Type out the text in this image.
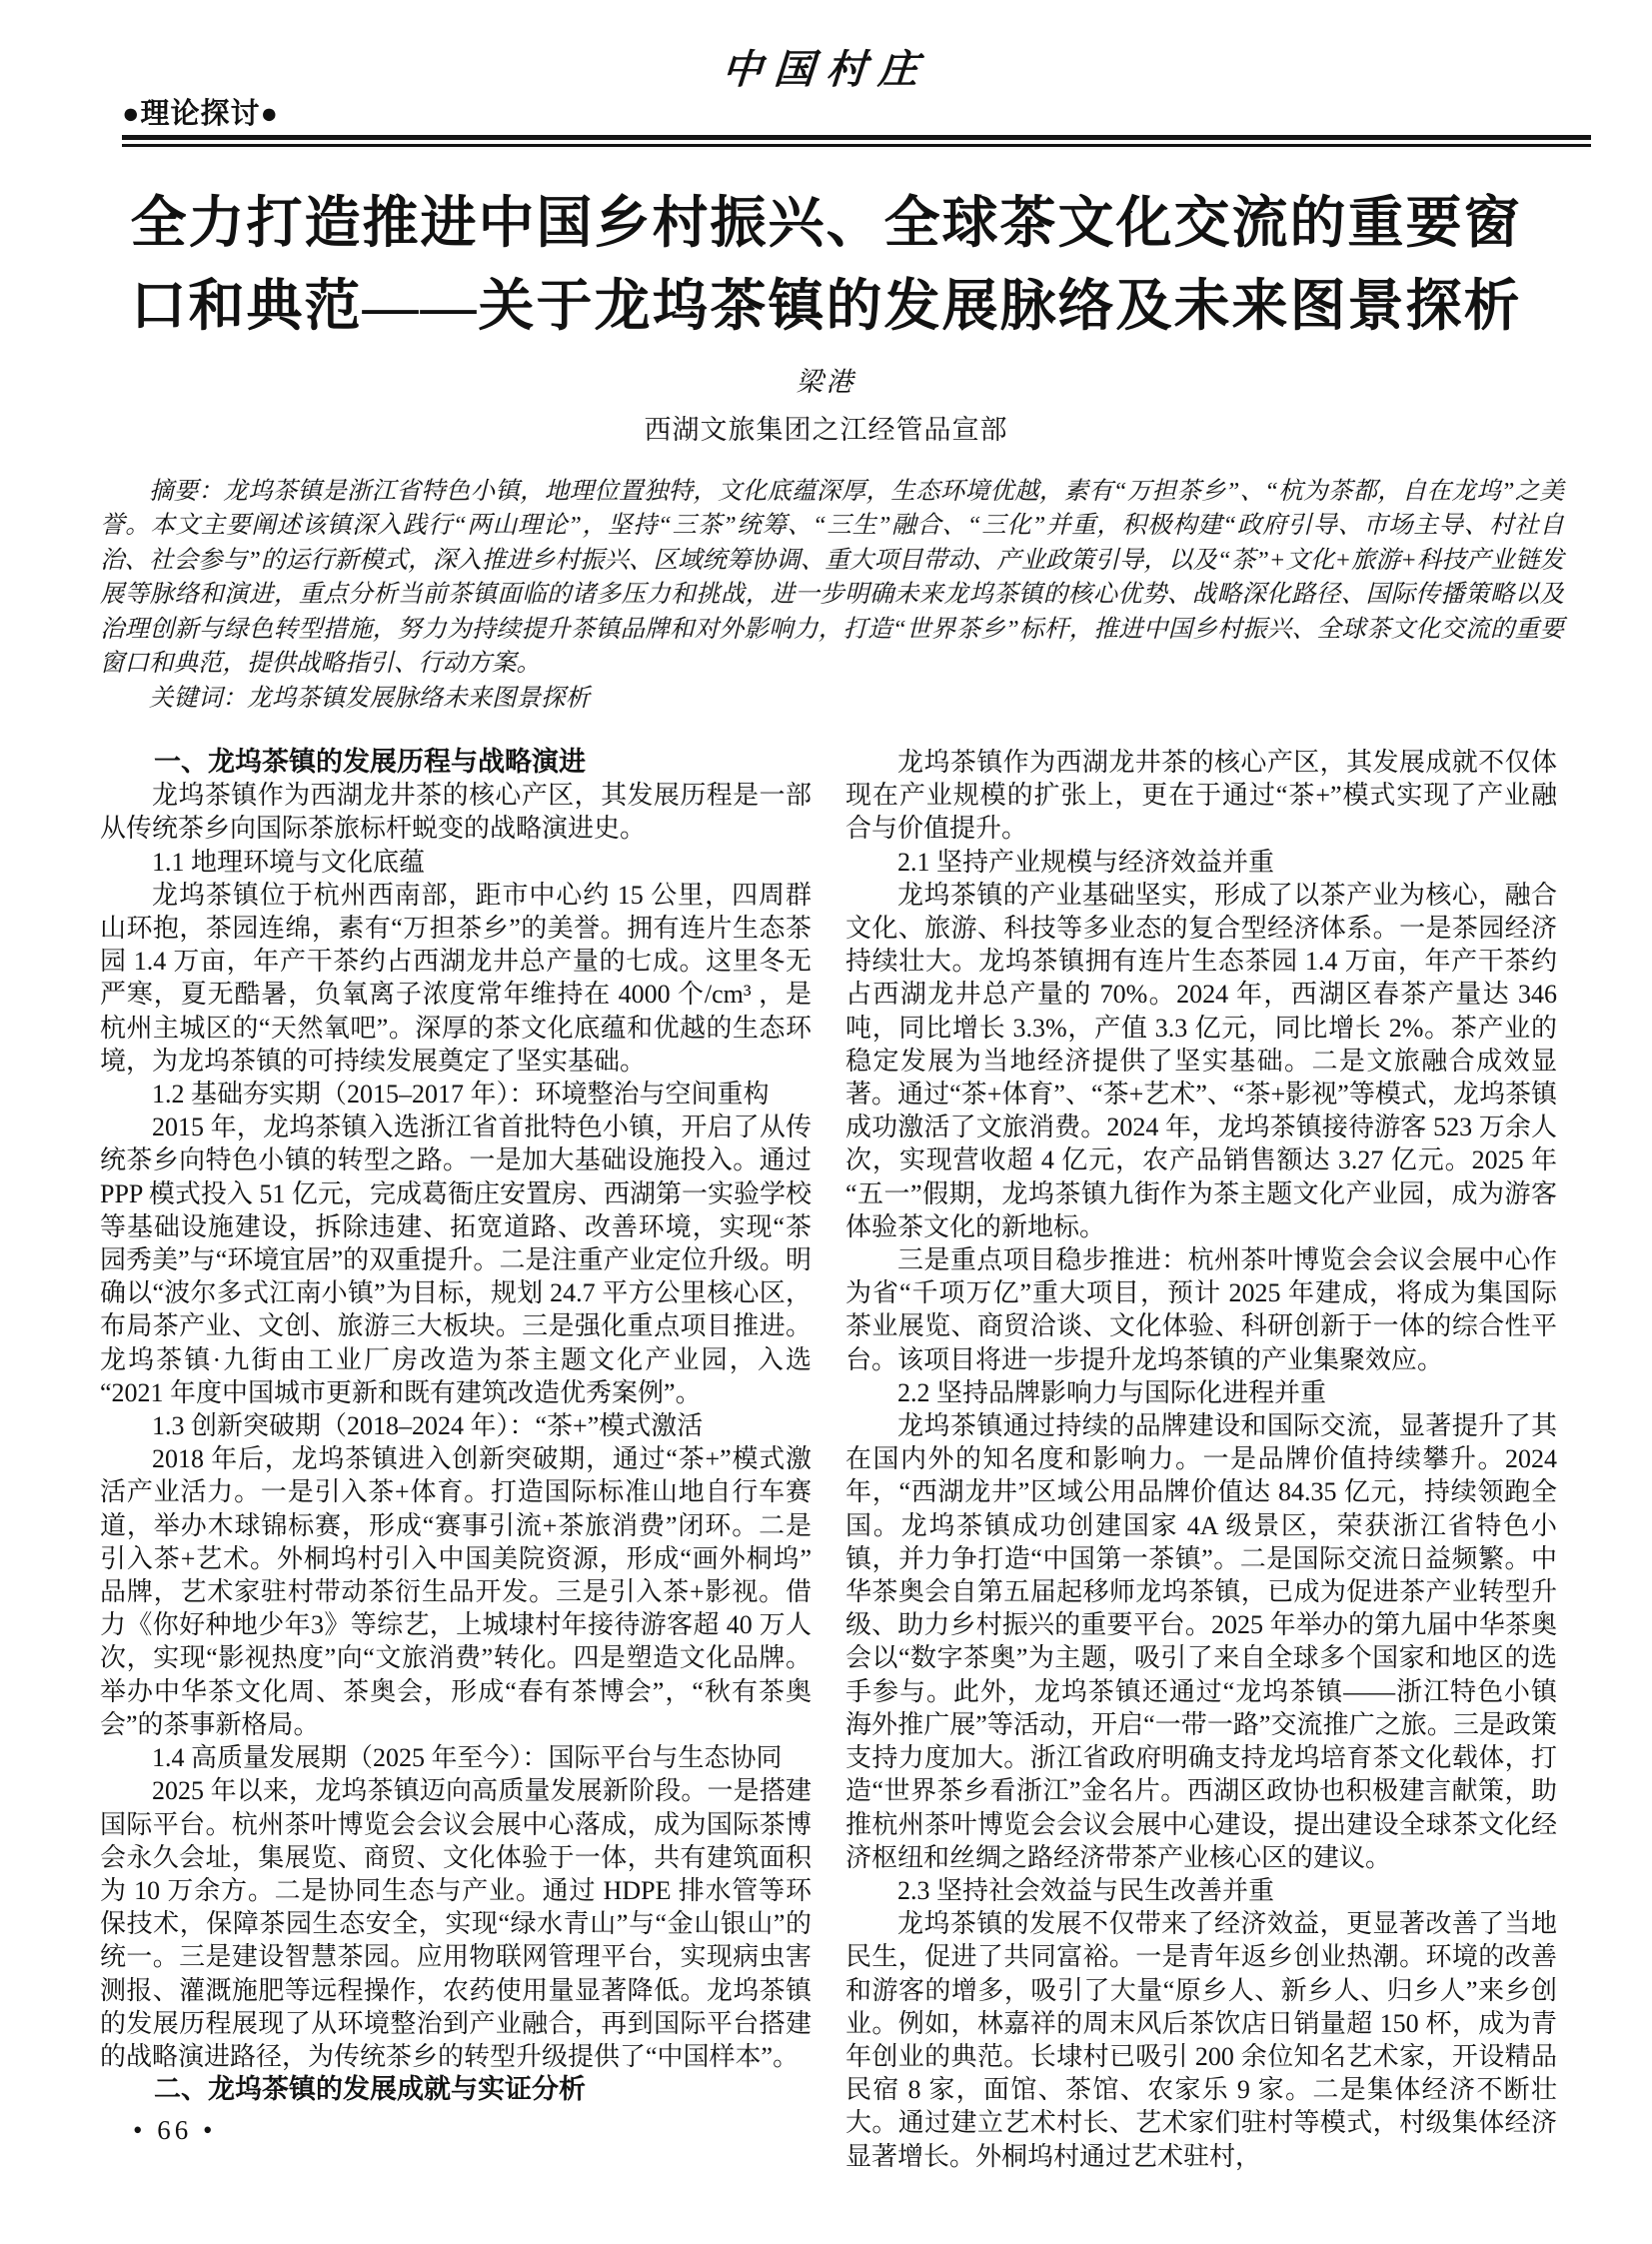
中国村庄
●理论探讨●
全力打造推进中国乡村振兴、全球茶文化交流的重要窗
口和典范——关于龙坞茶镇的发展脉络及未来图景探析
梁港
西湖文旅集团之江经管品宣部
摘要：龙坞茶镇是浙江省特色小镇，地理位置独特，文化底蕴深厚，生态环境优越，素有“万担茶乡”、“杭为茶都，自在龙坞”之美誉。本文主要阐述该镇深入践行“两山理论”，坚持“三茶”统筹、“三生”融合、“三化”并重，积极构建“政府引导、市场主导、村社自治、社会参与”的运行新模式，深入推进乡村振兴、区域统筹协调、重大项目带动、产业政策引导，以及“茶”+文化+旅游+科技产业链发展等脉络和演进，重点分析当前茶镇面临的诸多压力和挑战，进一步明确未来龙坞茶镇的核心优势、战略深化路径、国际传播策略以及治理创新与绿色转型措施，努力为持续提升茶镇品牌和对外影响力，打造“世界茶乡”标杆，推进中国乡村振兴、全球茶文化交流的重要窗口和典范，提供战略指引、行动方案。
关键词：龙坞茶镇发展脉络未来图景探析

一、龙坞茶镇的发展历程与战略演进

龙坞茶镇作为西湖龙井茶的核心产区，其发展历程是一部从传统茶乡向国际茶旅标杆蜕变的战略演进史。

1.1 地理环境与文化底蕴

龙坞茶镇位于杭州西南部，距市中心约 15 公里，四周群山环抱，茶园连绵，素有“万担茶乡”的美誉。拥有连片生态茶园 1.4 万亩，年产干茶约占西湖龙井总产量的七成。这里冬无严寒，夏无酷暑，负氧离子浓度常年维持在 4000 个/cm³ ，是杭州主城区的“天然氧吧”。深厚的茶文化底蕴和优越的生态环境，为龙坞茶镇的可持续发展奠定了坚实基础。

1.2 基础夯实期（2015–2017 年）：环境整治与空间重构

2015 年，龙坞茶镇入选浙江省首批特色小镇，开启了从传统茶乡向特色小镇的转型之路。一是加大基础设施投入。通过 PPP 模式投入 51 亿元，完成葛衙庄安置房、西湖第一实验学校等基础设施建设，拆除违建、拓宽道路、改善环境，实现“茶园秀美”与“环境宜居”的双重提升。二是注重产业定位升级。明确以“波尔多式江南小镇”为目标，规划 24.7 平方公里核心区，布局茶产业、文创、旅游三大板块。三是强化重点项目推进。龙坞茶镇·九街由工业厂房改造为茶主题文化产业园，入选“2021 年度中国城市更新和既有建筑改造优秀案例”。

1.3 创新突破期（2018–2024 年）：“茶+”模式激活

2018 年后，龙坞茶镇进入创新突破期，通过“茶+”模式激活产业活力。一是引入茶+体育。打造国际标准山地自行车赛道，举办木球锦标赛，形成“赛事引流+茶旅消费”闭环。二是引入茶+艺术。外桐坞村引入中国美院资源，形成“画外桐坞”品牌，艺术家驻村带动茶衍生品开发。三是引入茶+影视。借力《你好种地少年3》等综艺，上城埭村年接待游客超 40 万人次，实现“影视热度”向“文旅消费”转化。四是塑造文化品牌。举办中华茶文化周、茶奥会，形成“春有茶博会”，“秋有茶奥会”的茶事新格局。

1.4 高质量发展期（2025 年至今）：国际平台与生态协同

2025 年以来，龙坞茶镇迈向高质量发展新阶段。一是搭建国际平台。杭州茶叶博览会会议会展中心落成，成为国际茶博会永久会址，集展览、商贸、文化体验于一体，共有建筑面积为 10 万余方。二是协同生态与产业。通过 HDPE 排水管等环保技术，保障茶园生态安全，实现“绿水青山”与“金山银山”的统一。三是建设智慧茶园。应用物联网管理平台，实现病虫害测报、灌溉施肥等远程操作，农药使用量显著降低。龙坞茶镇的发展历程展现了从环境整治到产业融合，再到国际平台搭建的战略演进路径，为传统茶乡的转型升级提供了“中国样本”。

二、龙坞茶镇的发展成就与实证分析

龙坞茶镇作为西湖龙井茶的核心产区，其发展成就不仅体现在产业规模的扩张上，更在于通过“茶+”模式实现了产业融合与价值提升。

2.1 坚持产业规模与经济效益并重

龙坞茶镇的产业基础坚实，形成了以茶产业为核心，融合文化、旅游、科技等多业态的复合型经济体系。一是茶园经济持续壮大。龙坞茶镇拥有连片生态茶园 1.4 万亩，年产干茶约占西湖龙井总产量的 70%。2024 年，西湖区春茶产量达 346 吨，同比增长 3.3%，产值 3.3 亿元，同比增长 2%。茶产业的稳定发展为当地经济提供了坚实基础。二是文旅融合成效显著。通过“茶+体育”、“茶+艺术”、“茶+影视”等模式，龙坞茶镇成功激活了文旅消费。2024 年，龙坞茶镇接待游客 523 万余人次，实现营收超 4 亿元，农产品销售额达 3.27 亿元。2025 年“五一”假期，龙坞茶镇九街作为茶主题文化产业园，成为游客体验茶文化的新地标。

三是重点项目稳步推进：杭州茶叶博览会会议会展中心作为省“千项万亿”重大项目，预计 2025 年建成，将成为集国际茶业展览、商贸洽谈、文化体验、科研创新于一体的综合性平台。该项目将进一步提升龙坞茶镇的产业集聚效应。

2.2 坚持品牌影响力与国际化进程并重

龙坞茶镇通过持续的品牌建设和国际交流，显著提升了其在国内外的知名度和影响力。一是品牌价值持续攀升。2024 年，“西湖龙井”区域公用品牌价值达 84.35 亿元，持续领跑全国。龙坞茶镇成功创建国家 4A 级景区，荣获浙江省特色小镇，并力争打造“中国第一茶镇”。二是国际交流日益频繁。中华茶奥会自第五届起移师龙坞茶镇，已成为促进茶产业转型升级、助力乡村振兴的重要平台。2025 年举办的第九届中华茶奥会以“数字茶奥”为主题，吸引了来自全球多个国家和地区的选手参与。此外，龙坞茶镇还通过“龙坞茶镇——浙江特色小镇海外推广展”等活动，开启“一带一路”交流推广之旅。三是政策支持力度加大。浙江省政府明确支持龙坞培育茶文化载体，打造“世界茶乡看浙江”金名片。西湖区政协也积极建言献策，助推杭州茶叶博览会会议会展中心建设，提出建设全球茶文化经济枢纽和丝绸之路经济带茶产业核心区的建议。

2.3 坚持社会效益与民生改善并重

龙坞茶镇的发展不仅带来了经济效益，更显著改善了当地民生，促进了共同富裕。一是青年返乡创业热潮。环境的改善和游客的增多，吸引了大量“原乡人、新乡人、归乡人”来乡创业。例如，林嘉祥的周末风后茶饮店日销量超 150 杯，成为青年创业的典范。长埭村已吸引 200 余位知名艺术家，开设精品民宿 8 家，面馆、茶馆、农家乐 9 家。二是集体经济不断壮大。通过建立艺术村长、艺术家们驻村等模式，村级集体经济显著增长。外桐坞村通过艺术驻村，

• 66 •
